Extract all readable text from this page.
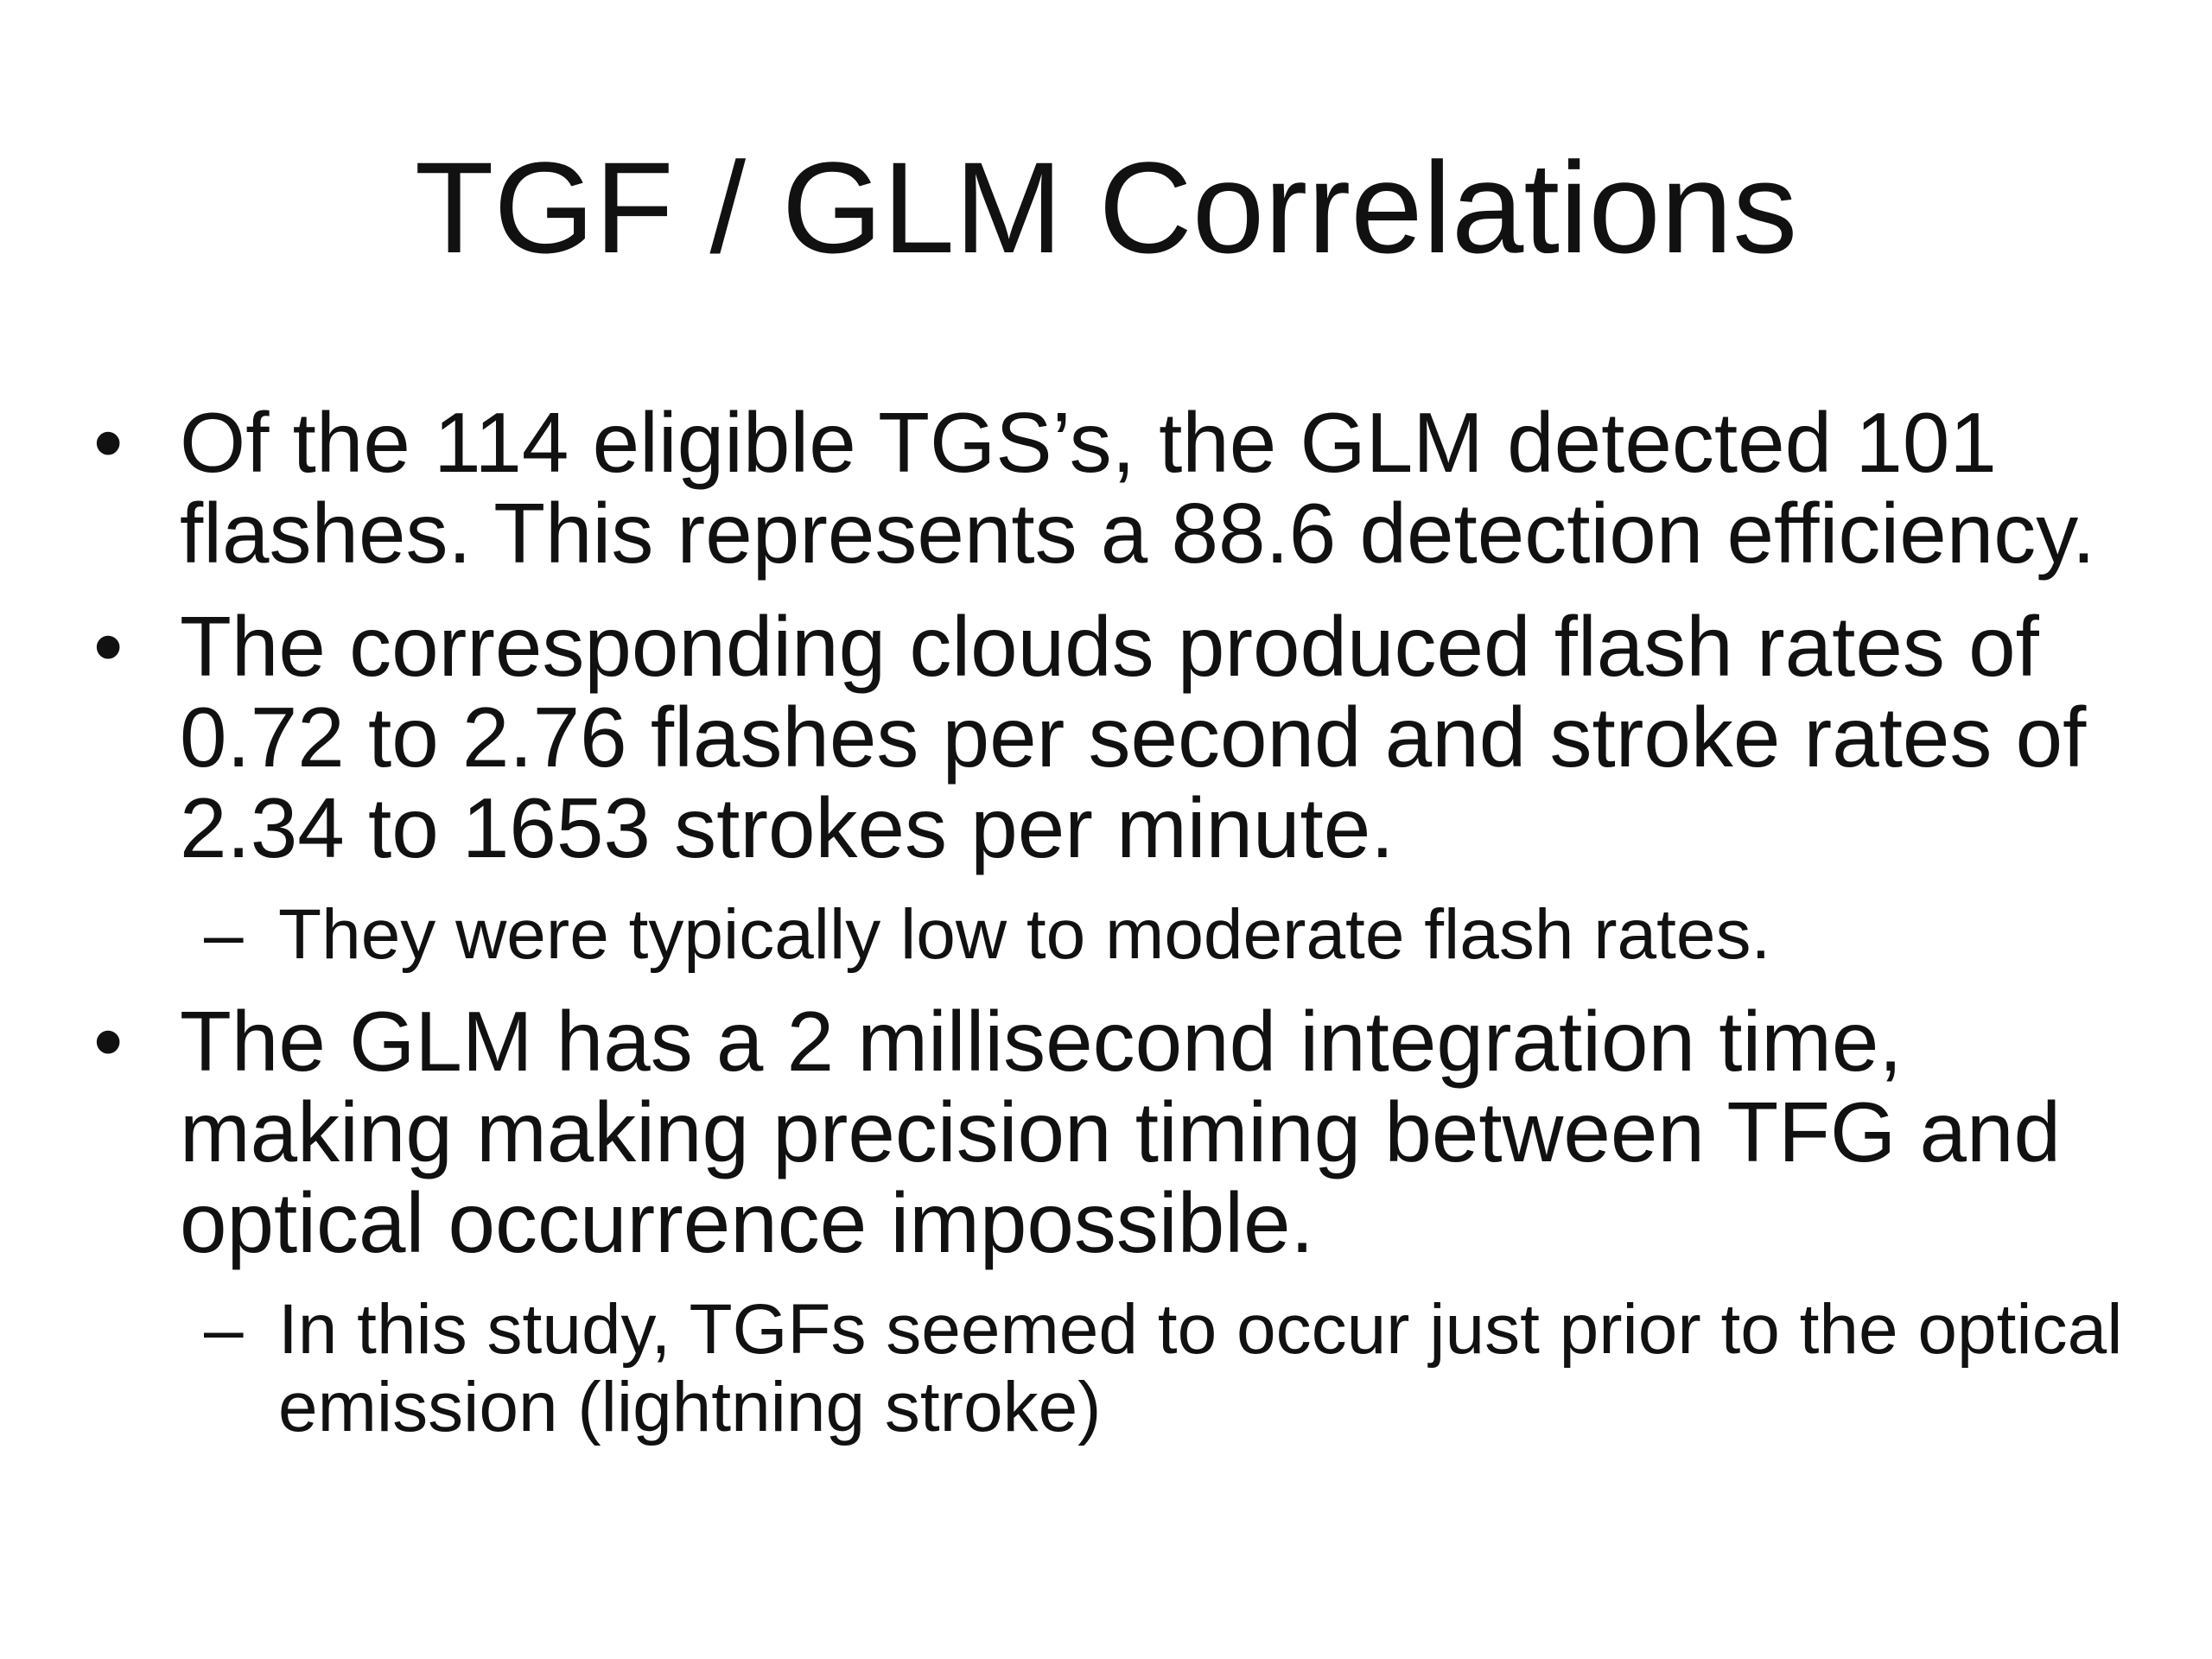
TGF / GLM Correlations
• Of the 114 eligible TGS’s, the GLM detected 101 flashes. This represents a 88.6 detection efficiency.
• The corresponding clouds produced flash rates of 0.72 to 2.76 flashes per second and stroke rates of 2.34 to 1653 strokes per minute.
– They were typically low to moderate flash rates.
• The GLM has a 2 millisecond integration time, making making precision timing between TFG and optical occurrence impossible.
– In this study, TGFs seemed to occur just prior to the optical emission (lightning stroke)
